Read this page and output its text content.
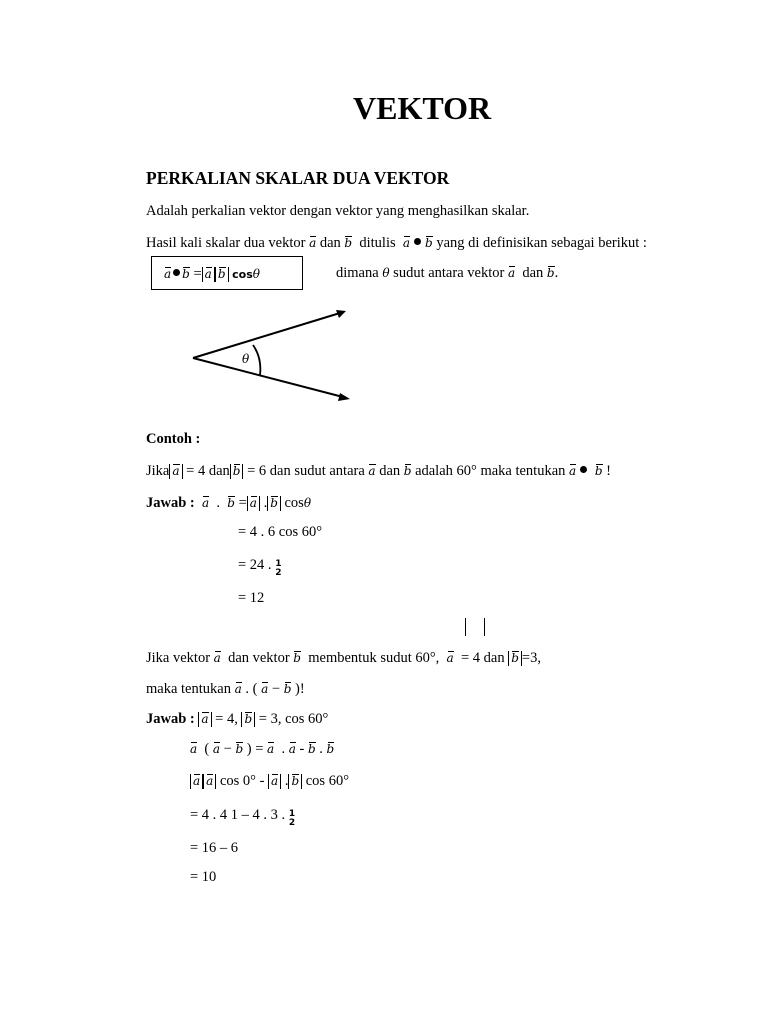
VEKTOR
PERKALIAN SKALAR DUA VEKTOR
Adalah perkalian vektor dengan vektor yang menghasilkan skalar.
Hasil kali skalar dua vektor a dan b ditulis a b yang di definisikan sebagai berikut :
a b = a b cosθ	dimana θ sudut antara vektor a dan b.
θ
Contoh :
Jika a = 4 dan b = 6 dan sudut antara a dan b adalah 60° maka tentukan a b !
Jawab : a . b = a . b cosθ
= 4 . 6 cos 60°
= 24 . 1
2
= 12
Jika vektor a dan vektor b membentuk sudut 60°, a = 4 dan b =3,
maka tentukan a . ( a − b )!
Jawab : a = 4, b = 3, cos 60°
a ( a − b ) = a . a - b . b
a a cos 0° - a . b cos 60°
= 4 . 4 1 – 4 . 3 . 1
2
= 16 – 6
= 10
